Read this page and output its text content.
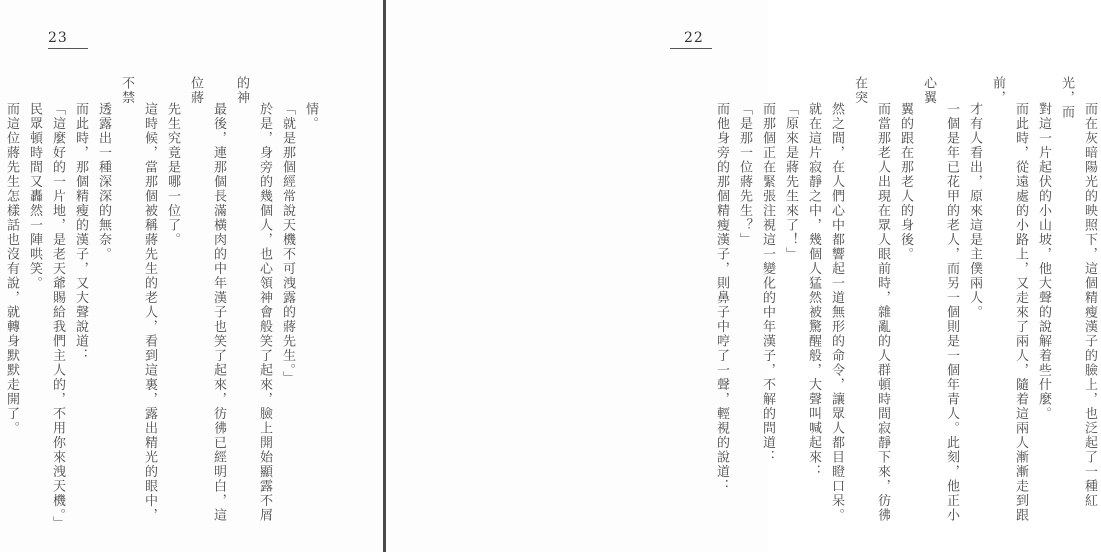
23
情。
「就是那個經常說天機不可洩露的蔣先生。」
於是，身旁的幾個人，也心領神會般笑了起來，臉上開始顯露不屑的神
最後，連那個長滿橫肉的中年漢子也笑了起來，彷彿已經明白，這位蔣
先生究竟是哪一位了。
這時候，當那個被稱蔣先生的老人，看到這裏，露出精光的眼中，不禁
透露出一種深深的無奈。
而此時，那個精瘦的漢子，又大聲說道：
「這麼好的一片地，是老天爺賜給我們主人的，不用你來洩天機。」
民眾頓時間又轟然一陣哄笑。
而這位蔣先生怎樣話也沒有說，就轉身默默走開了。	而在灰暗陽光的映照下，這個精瘦漢子的臉上，也泛起了一種紅光，而
對這一片起伏的小山坡，他大聲的說解着些什麼。
而此時，從遠處的小路上，又走來了兩人，隨着這兩人漸漸走到跟前，
才有人看出，原來這是主僕兩人。
一個是年已花甲的老人，而另一個則是一個年青人。此刻，他正小心翼
翼的跟在那老人的身後。
而當那老人出現在眾人眼前時，雜亂的人群頓時間寂靜下來，彷彿在突
然之間，在人們心中都響起一道無形的命令，讓眾人都目瞪口呆。
就在這片寂靜之中，幾個人猛然被驚醒般，大聲叫喊起來：
「原來是蔣先生來了！」
而那個正在緊張注視這一變化的中年漢子，不解的問道：
「是那一位蔣先生？」
而他身旁的那個精瘦漢子，則鼻子中哼了一聲，輕視的說道：
22
